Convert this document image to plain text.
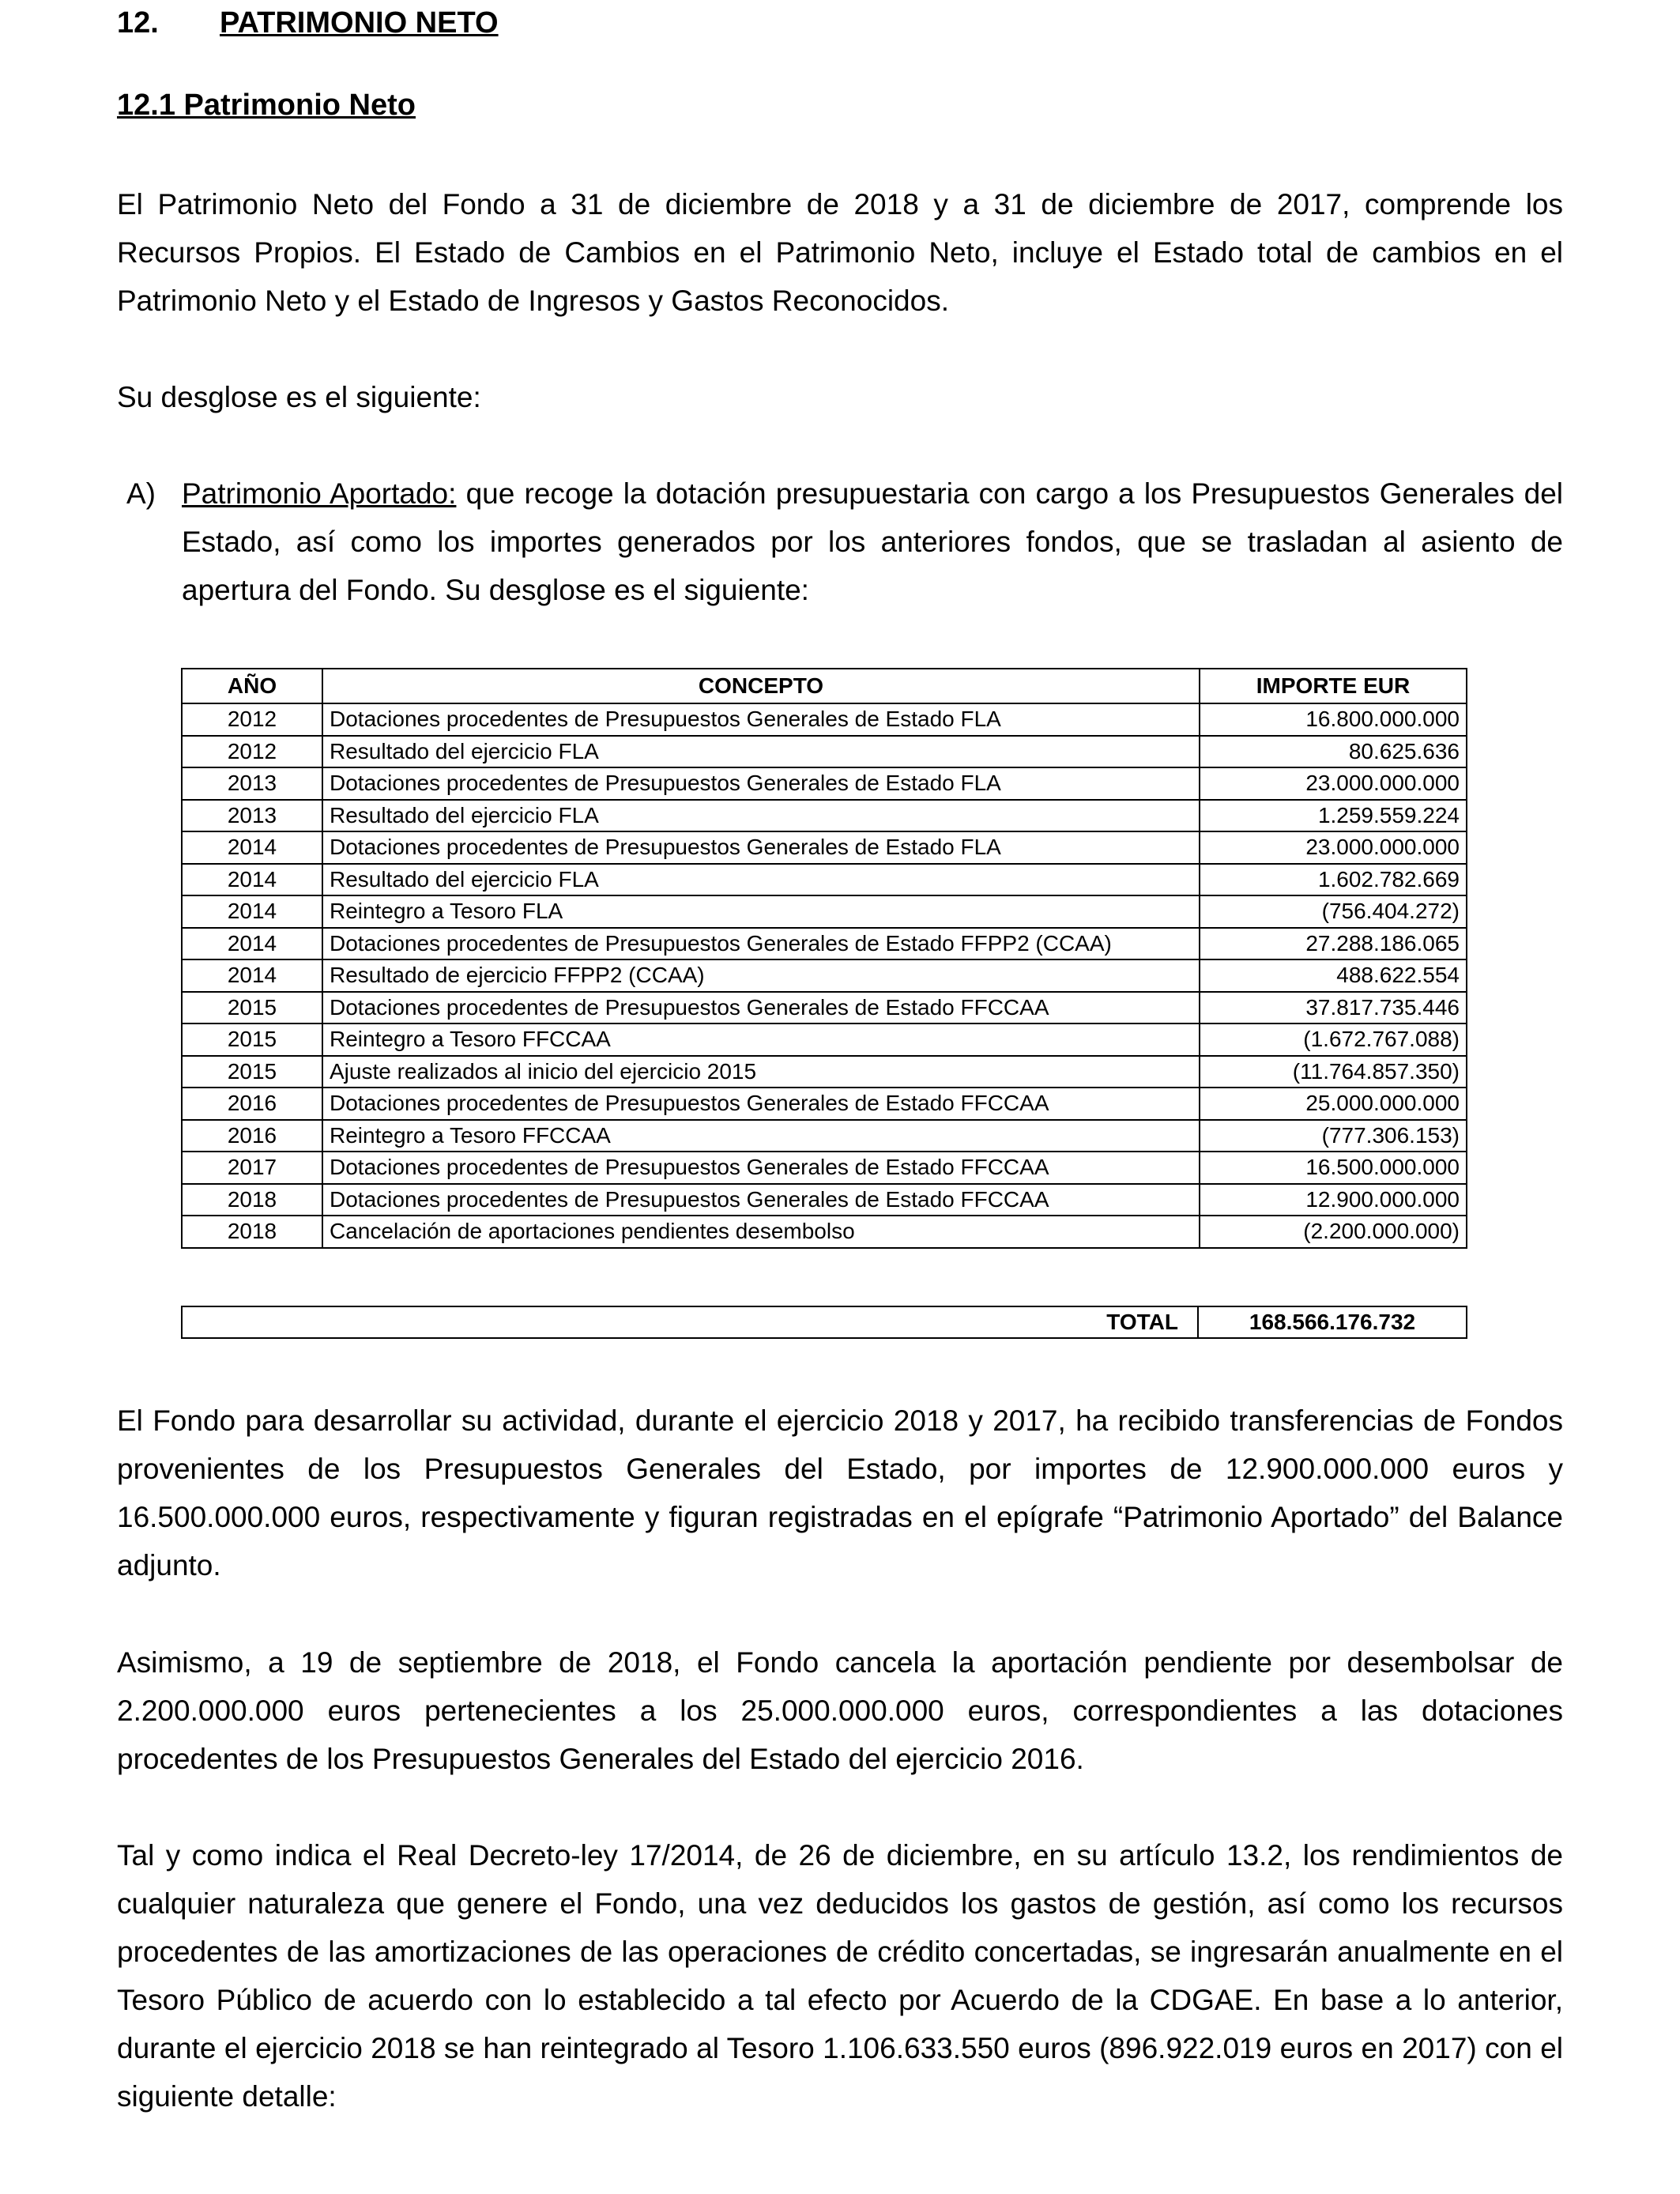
12. PATRIMONIO NETO
12.1 Patrimonio Neto

El Patrimonio Neto del Fondo a 31 de diciembre de 2018 y a 31 de diciembre de 2017, comprende los Recursos Propios. El Estado de Cambios en el Patrimonio Neto, incluye el Estado total de cambios en el Patrimonio Neto y el Estado de Ingresos y Gastos Reconocidos.

Su desglose es el siguiente:

A) Patrimonio Aportado: que recoge la dotación presupuestaria con cargo a los Presupuestos Generales del Estado, así como los importes generados por los anteriores fondos, que se trasladan al asiento de apertura del Fondo. Su desglose es el siguiente:
AÑO	CONCEPTO	IMPORTE EUR
2012	Dotaciones procedentes de Presupuestos Generales de Estado FLA	16.800.000.000
2012	Resultado del ejercicio FLA	80.625.636
2013	Dotaciones procedentes de Presupuestos Generales de Estado FLA	23.000.000.000
2013	Resultado del ejercicio FLA	1.259.559.224
2014	Dotaciones procedentes de Presupuestos Generales de Estado FLA	23.000.000.000
2014	Resultado del ejercicio FLA	1.602.782.669
2014	Reintegro a Tesoro FLA	(756.404.272)
2014	Dotaciones procedentes de Presupuestos Generales de Estado FFPP2 (CCAA)	27.288.186.065
2014	Resultado de ejercicio FFPP2 (CCAA)	488.622.554
2015	Dotaciones procedentes de Presupuestos Generales de Estado FFCCAA	37.817.735.446
2015	Reintegro a Tesoro FFCCAA	(1.672.767.088)
2015	Ajuste realizados al inicio del ejercicio 2015	(11.764.857.350)
2016	Dotaciones procedentes de Presupuestos Generales de Estado FFCCAA	25.000.000.000
2016	Reintegro a Tesoro FFCCAA	(777.306.153)
2017	Dotaciones procedentes de Presupuestos Generales de Estado FFCCAA	16.500.000.000
2018	Dotaciones procedentes de Presupuestos Generales de Estado FFCCAA	12.900.000.000
2018	Cancelación de aportaciones pendientes desembolso	(2.200.000.000)
TOTAL	168.566.176.732

El Fondo para desarrollar su actividad, durante el ejercicio 2018 y 2017, ha recibido transferencias de Fondos provenientes de los Presupuestos Generales del Estado, por importes de 12.900.000.000 euros y 16.500.000.000 euros, respectivamente y figuran registradas en el epígrafe “Patrimonio Aportado” del Balance adjunto.

Asimismo, a 19 de septiembre de 2018, el Fondo cancela la aportación pendiente por desembolsar de 2.200.000.000 euros pertenecientes a los 25.000.000.000 euros, correspondientes a las dotaciones procedentes de los Presupuestos Generales del Estado del ejercicio 2016.

Tal y como indica el Real Decreto-ley 17/2014, de 26 de diciembre, en su artículo 13.2, los rendimientos de cualquier naturaleza que genere el Fondo, una vez deducidos los gastos de gestión, así como los recursos procedentes de las amortizaciones de las operaciones de crédito concertadas, se ingresarán anualmente en el Tesoro Público de acuerdo con lo establecido a tal efecto por Acuerdo de la CDGAE. En base a lo anterior, durante el ejercicio 2018 se han reintegrado al Tesoro 1.106.633.550 euros (896.922.019 euros en 2017) con el siguiente detalle:
